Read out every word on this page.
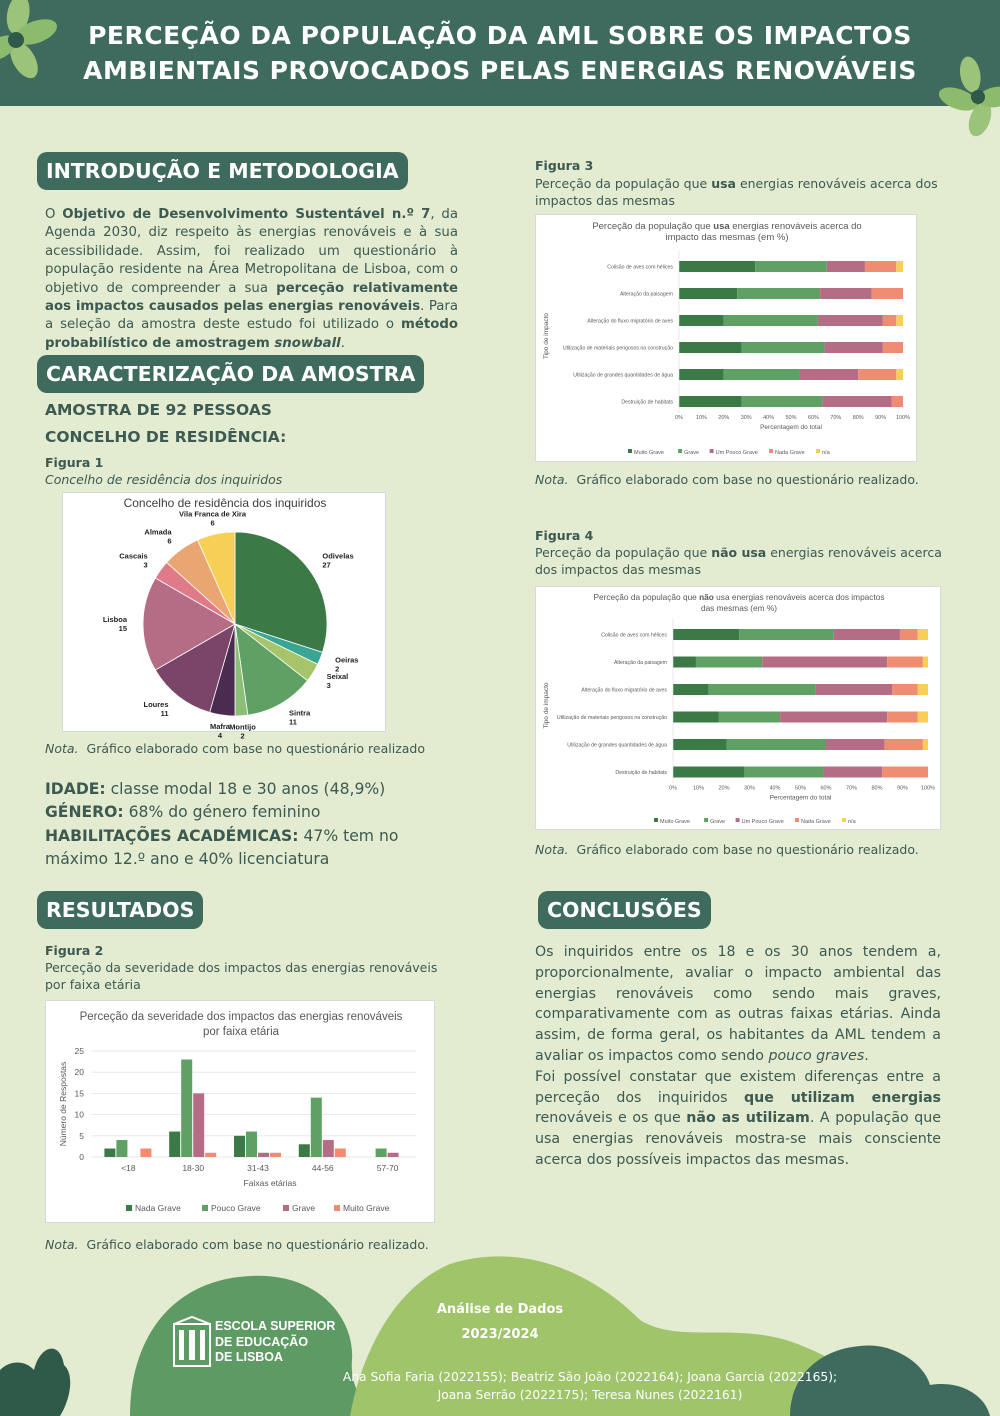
PERCEÇÃO DA POPULAÇÃO DA AML SOBRE OS IMPACTOS
AMBIENTAIS PROVOCADOS PELAS ENERGIAS RENOVÁVEIS
INTRODUÇÃO E METODOLOGIA
O Objetivo de Desenvolvimento Sustentável n.º 7, da Agenda 2030, diz respeito às energias renováveis e à sua acessibilidade. Assim, foi realizado um questionário à população residente na Área Metropolitana de Lisboa, com o objetivo de compreender a sua perceção relativamente aos impactos causados pelas energias renováveis. Para a seleção da amostra deste estudo foi utilizado o método probabilístico de amostragem snowball.
CARACTERIZAÇÃO DA AMOSTRA
AMOSTRA DE 92 PESSOAS
CONCELHO DE RESIDÊNCIA:
Figura 1
Concelho de residência dos inquiridos
Concelho de residência dos inquiridos
Odivelas
27
Oeiras
2
Seixal
3
Sintra
11
Montijo
2
Mafra
4
Loures
11
Lisboa
15
Cascais
3
Almada
6
Vila Franca de Xira
6
Nota. Gráfico elaborado com base no questionário realizado
IDADE: classe modal 18 e 30 anos (48,9%)
GÉNERO: 68% do género feminino
HABILITAÇÕES ACADÉMICAS: 47% tem no máximo 12.º ano e 40% licenciatura
RESULTADOS
Figura 2
Perceção da severidade dos impactos das energias renováveis por faixa etária
Perceção da severidade dos impactos das energias renováveis
por faixa etária
0
5
10
15
20
25
Número de Respostas
<18	18-30	31-43	44-56	57-70
Faixas etárias
Nada Grave	Pouco Grave	Grave	Muito Grave
Nota. Gráfico elaborado com base no questionário realizado.
Figura 3
Perceção da população que usa energias renováveis acerca dos impactos das mesmas
Perceção da população que usa energias renováveis acerca do
impacto das mesmas (em %)
Colisão de aves com hélices
Alteração da paisagem
Alteração do fluxo migratório de aves
Utilização de materiais perigosos na construção
Utilização de grandes quantidades de água
Destruição de habitats
0% 10% 20% 30% 40% 50% 60% 70% 80% 90% 100%
Percentagem do total
Tipo de impacto
Muito Grave	Grave	Um Pouco Grave	Nada Grave	n/a
Nota. Gráfico elaborado com base no questionário realizado.
Figura 4
Perceção da população que não usa energias renováveis acerca dos impactos das mesmas
Perceção da população que não usa energias renováveis acerca dos impactos
das mesmas (em %)
Colisão de aves com hélices
Alteração da paisagem
Alteração do fluxo migratório de aves
Utilização de materiais perigosos na construção
Utilização de grandes quantidades de água
Destruição de habitats
0%	10%	20%	30%	40%	50%	60%	70%	80%	90% 100%
Percentagem do total
Tipo de impacto
Muito Grave	Grave	Um Pouco Grave	Nada Grave	n/a
Nota. Gráfico elaborado com base no questionário realizado.
CONCLUSÕES
Os inquiridos entre os 18 e os 30 anos tendem a, proporcionalmente, avaliar o impacto ambiental das energias renováveis como sendo mais graves, comparativamente com as outras faixas etárias. Ainda assim, de forma geral, os habitantes da AML tendem a avaliar os impactos como sendo pouco graves.
Foi possível constatar que existem diferenças entre a perceção dos inquiridos que utilizam energias renováveis e os que não as utilizam. A população que usa energias renováveis mostra-se mais consciente acerca dos possíveis impactos das mesmas.
ESCOLA SUPERIOR
DE EDUCAÇÃO
DE LISBOA
Análise de Dados
2023/2024
Ana Sofia Faria (2022155); Beatriz São João (2022164); Joana Garcia (2022165);
Joana Serrão (2022175); Teresa Nunes (2022161)
